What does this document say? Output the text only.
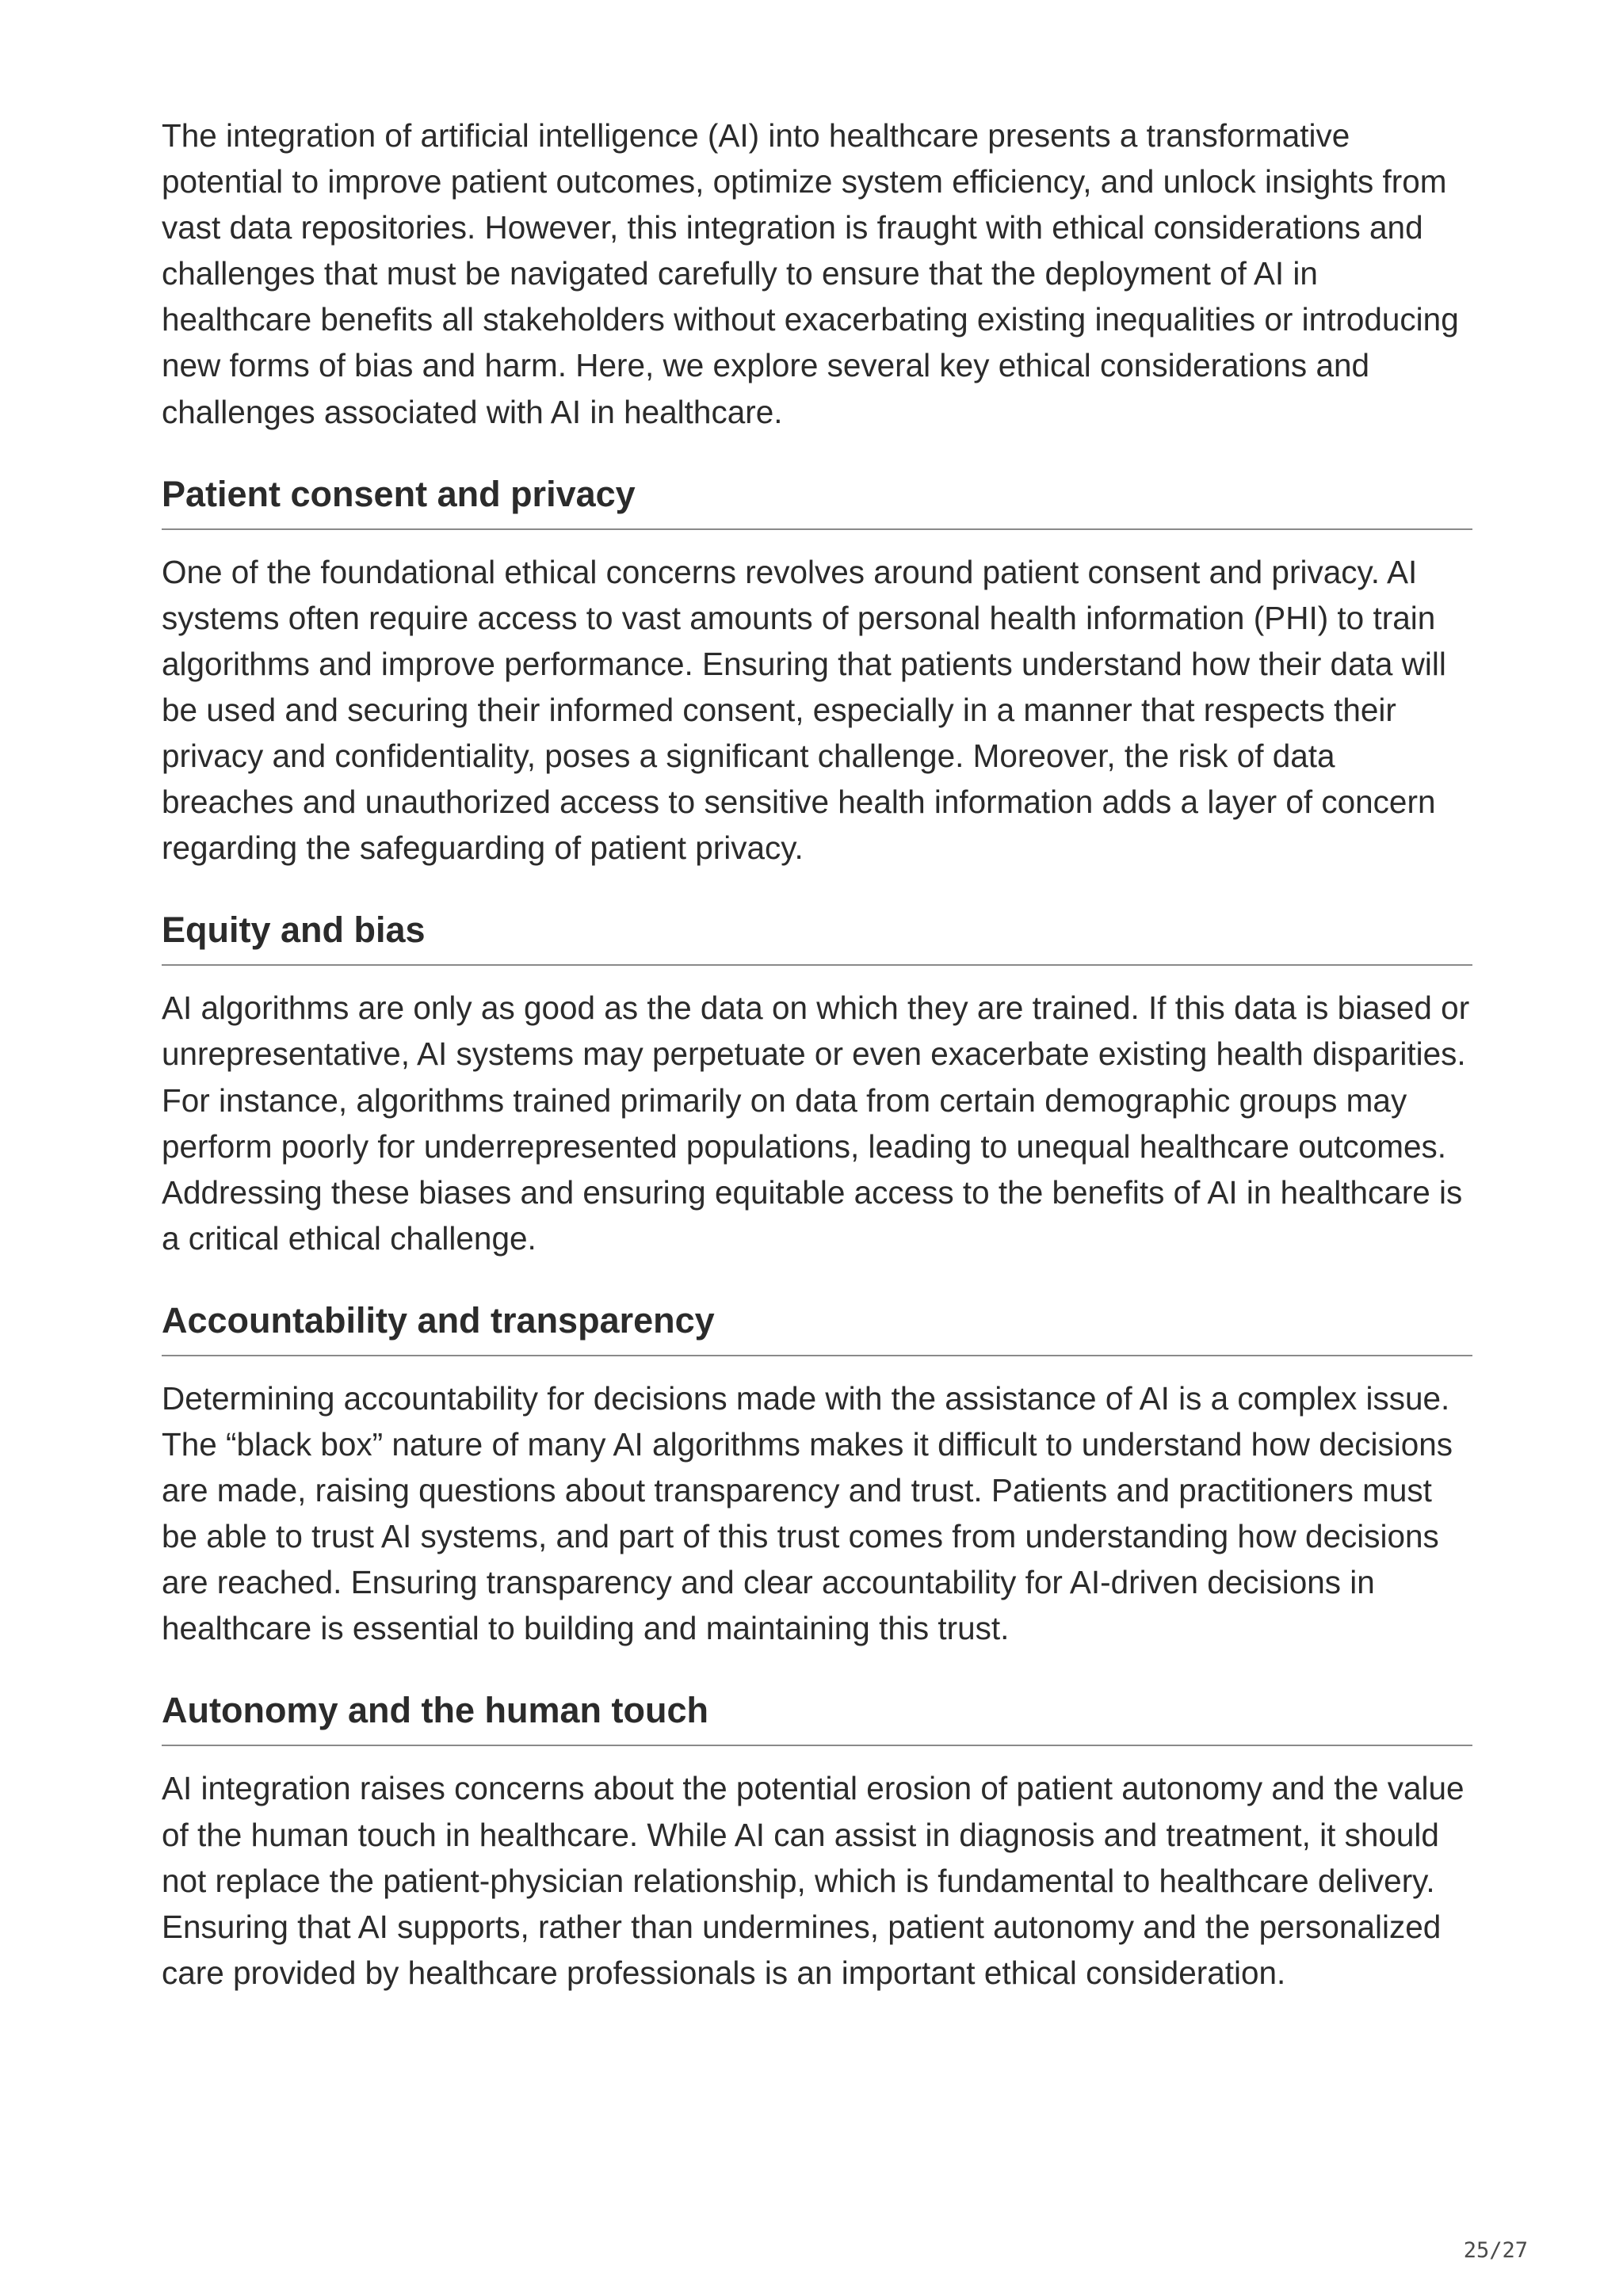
The integration of artificial intelligence (AI) into healthcare presents a transformative potential to improve patient outcomes, optimize system efficiency, and unlock insights from vast data repositories. However, this integration is fraught with ethical considerations and challenges that must be navigated carefully to ensure that the deployment of AI in healthcare benefits all stakeholders without exacerbating existing inequalities or introducing new forms of bias and harm. Here, we explore several key ethical considerations and challenges associated with AI in healthcare.

Patient consent and privacy

One of the foundational ethical concerns revolves around patient consent and privacy. AI systems often require access to vast amounts of personal health information (PHI) to train algorithms and improve performance. Ensuring that patients understand how their data will be used and securing their informed consent, especially in a manner that respects their privacy and confidentiality, poses a significant challenge. Moreover, the risk of data breaches and unauthorized access to sensitive health information adds a layer of concern regarding the safeguarding of patient privacy.

Equity and bias

AI algorithms are only as good as the data on which they are trained. If this data is biased or unrepresentative, AI systems may perpetuate or even exacerbate existing health disparities. For instance, algorithms trained primarily on data from certain demographic groups may perform poorly for underrepresented populations, leading to unequal healthcare outcomes. Addressing these biases and ensuring equitable access to the benefits of AI in healthcare is a critical ethical challenge.

Accountability and transparency

Determining accountability for decisions made with the assistance of AI is a complex issue. The “black box” nature of many AI algorithms makes it difficult to understand how decisions are made, raising questions about transparency and trust. Patients and practitioners must be able to trust AI systems, and part of this trust comes from understanding how decisions are reached. Ensuring transparency and clear accountability for AI-driven decisions in healthcare is essential to building and maintaining this trust.

Autonomy and the human touch

AI integration raises concerns about the potential erosion of patient autonomy and the value of the human touch in healthcare. While AI can assist in diagnosis and treatment, it should not replace the patient-physician relationship, which is fundamental to healthcare delivery. Ensuring that AI supports, rather than undermines, patient autonomy and the personalized care provided by healthcare professionals is an important ethical consideration.

25/27
